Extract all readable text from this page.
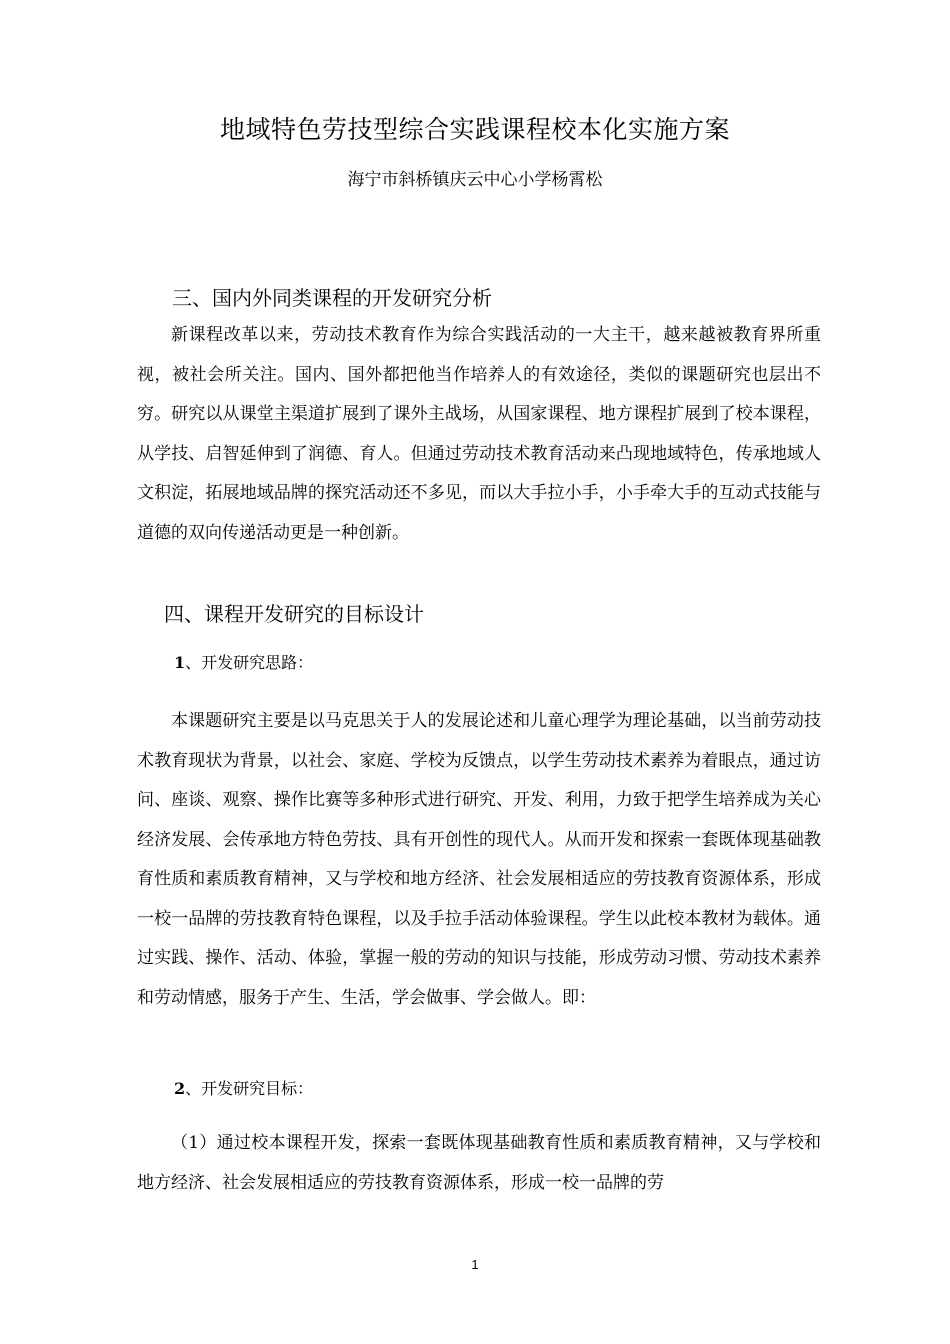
地域特色劳技型综合实践课程校本化实施方案
海宁市斜桥镇庆云中心小学杨霄松
三、国内外同类课程的开发研究分析

新课程改革以来，劳动技术教育作为综合实践活动的一大主干，越来越被教育界所重视，被社会所关注。国内、国外都把他当作培养人的有效途径，类似的课题研究也层出不穷。研究以从课堂主渠道扩展到了课外主战场，从国家课程、地方课程扩展到了校本课程，从学技、启智延伸到了润德、育人。但通过劳动技术教育活动来凸现地域特色，传承地域人文积淀，拓展地域品牌的探究活动还不多见，而以大手拉小手，小手牵大手的互动式技能与道德的双向传递活动更是一种创新。

四、课程开发研究的目标设计
1、开发研究思路：

本课题研究主要是以马克思关于人的发展论述和儿童心理学为理论基础，以当前劳动技术教育现状为背景，以社会、家庭、学校为反馈点，以学生劳动技术素养为着眼点，通过访问、座谈、观察、操作比赛等多种形式进行研究、开发、利用，力致于把学生培养成为关心经济发展、会传承地方特色劳技、具有开创性的现代人。从而开发和探索一套既体现基础教育性质和素质教育精神，又与学校和地方经济、社会发展相适应的劳技教育资源体系，形成一校一品牌的劳技教育特色课程，以及手拉手活动体验课程。学生以此校本教材为载体。通过实践、操作、活动、体验，掌握一般的劳动的知识与技能，形成劳动习惯、劳动技术素养和劳动情感，服务于产生、生活，学会做事、学会做人。即：

2、开发研究目标：

（1）通过校本课程开发，探索一套既体现基础教育性质和素质教育精神，又与学校和地方经济、社会发展相适应的劳技教育资源体系，形成一校一品牌的劳

1
